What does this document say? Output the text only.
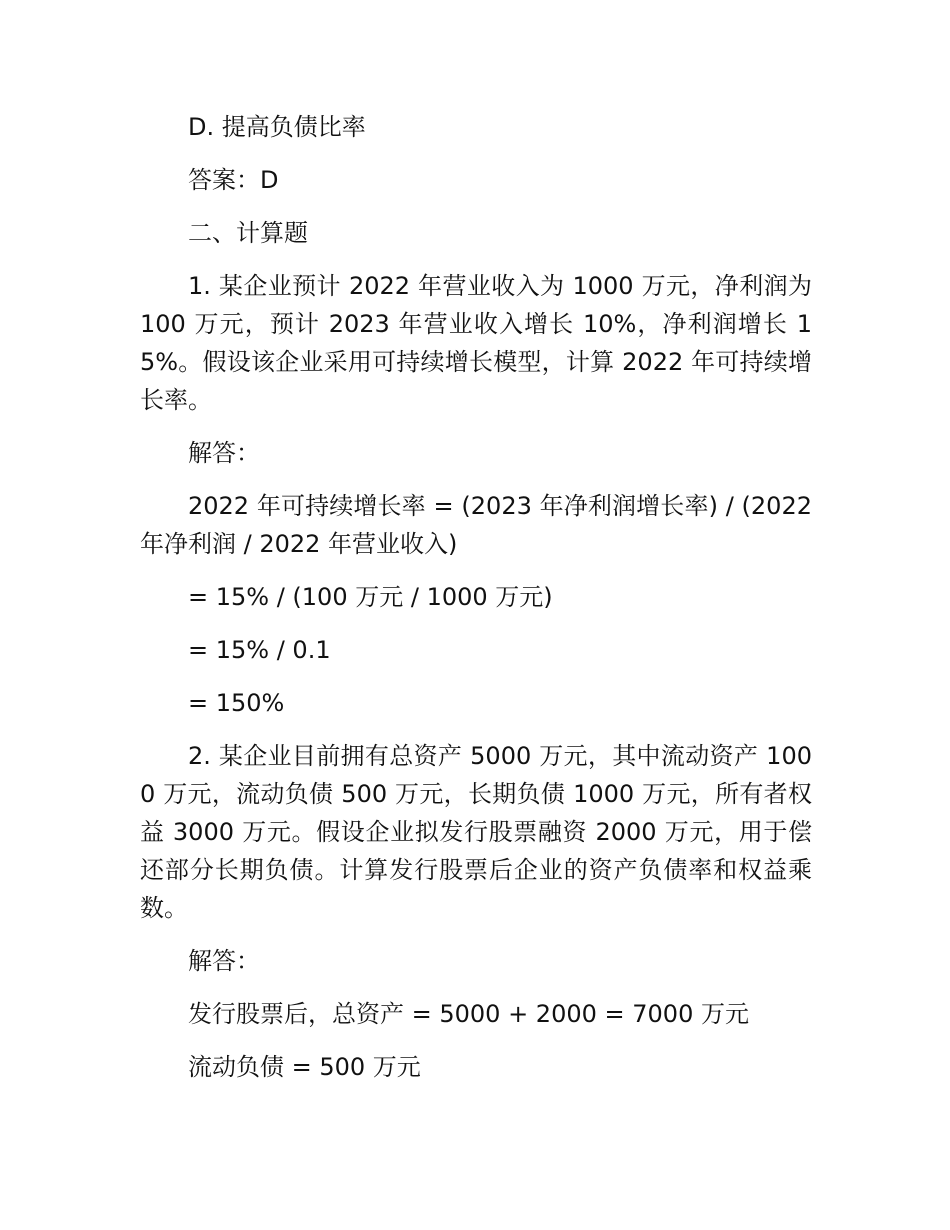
D. 提高负债比率

答案：D

二、计算题

1. 某企业预计 2022 年营业收入为 1000 万元，净利润为 100 万元，预计 2023 年营业收入增长 10%，净利润增长 15%。假设该企业采用可持续增长模型，计算 2022 年可持续增长率。

解答：

2022 年可持续增长率 = (2023 年净利润增长率) / (2022 年净利润 / 2022 年营业收入)

= 15% / (100 万元 / 1000 万元)

= 15% / 0.1

= 150%

2. 某企业目前拥有总资产 5000 万元，其中流动资产 1000 万元，流动负债 500 万元，长期负债 1000 万元，所有者权益 3000 万元。假设企业拟发行股票融资 2000 万元，用于偿还部分长期负债。计算发行股票后企业的资产负债率和权益乘数。

解答：

发行股票后，总资产 = 5000 + 2000 = 7000 万元

流动负债 = 500 万元
